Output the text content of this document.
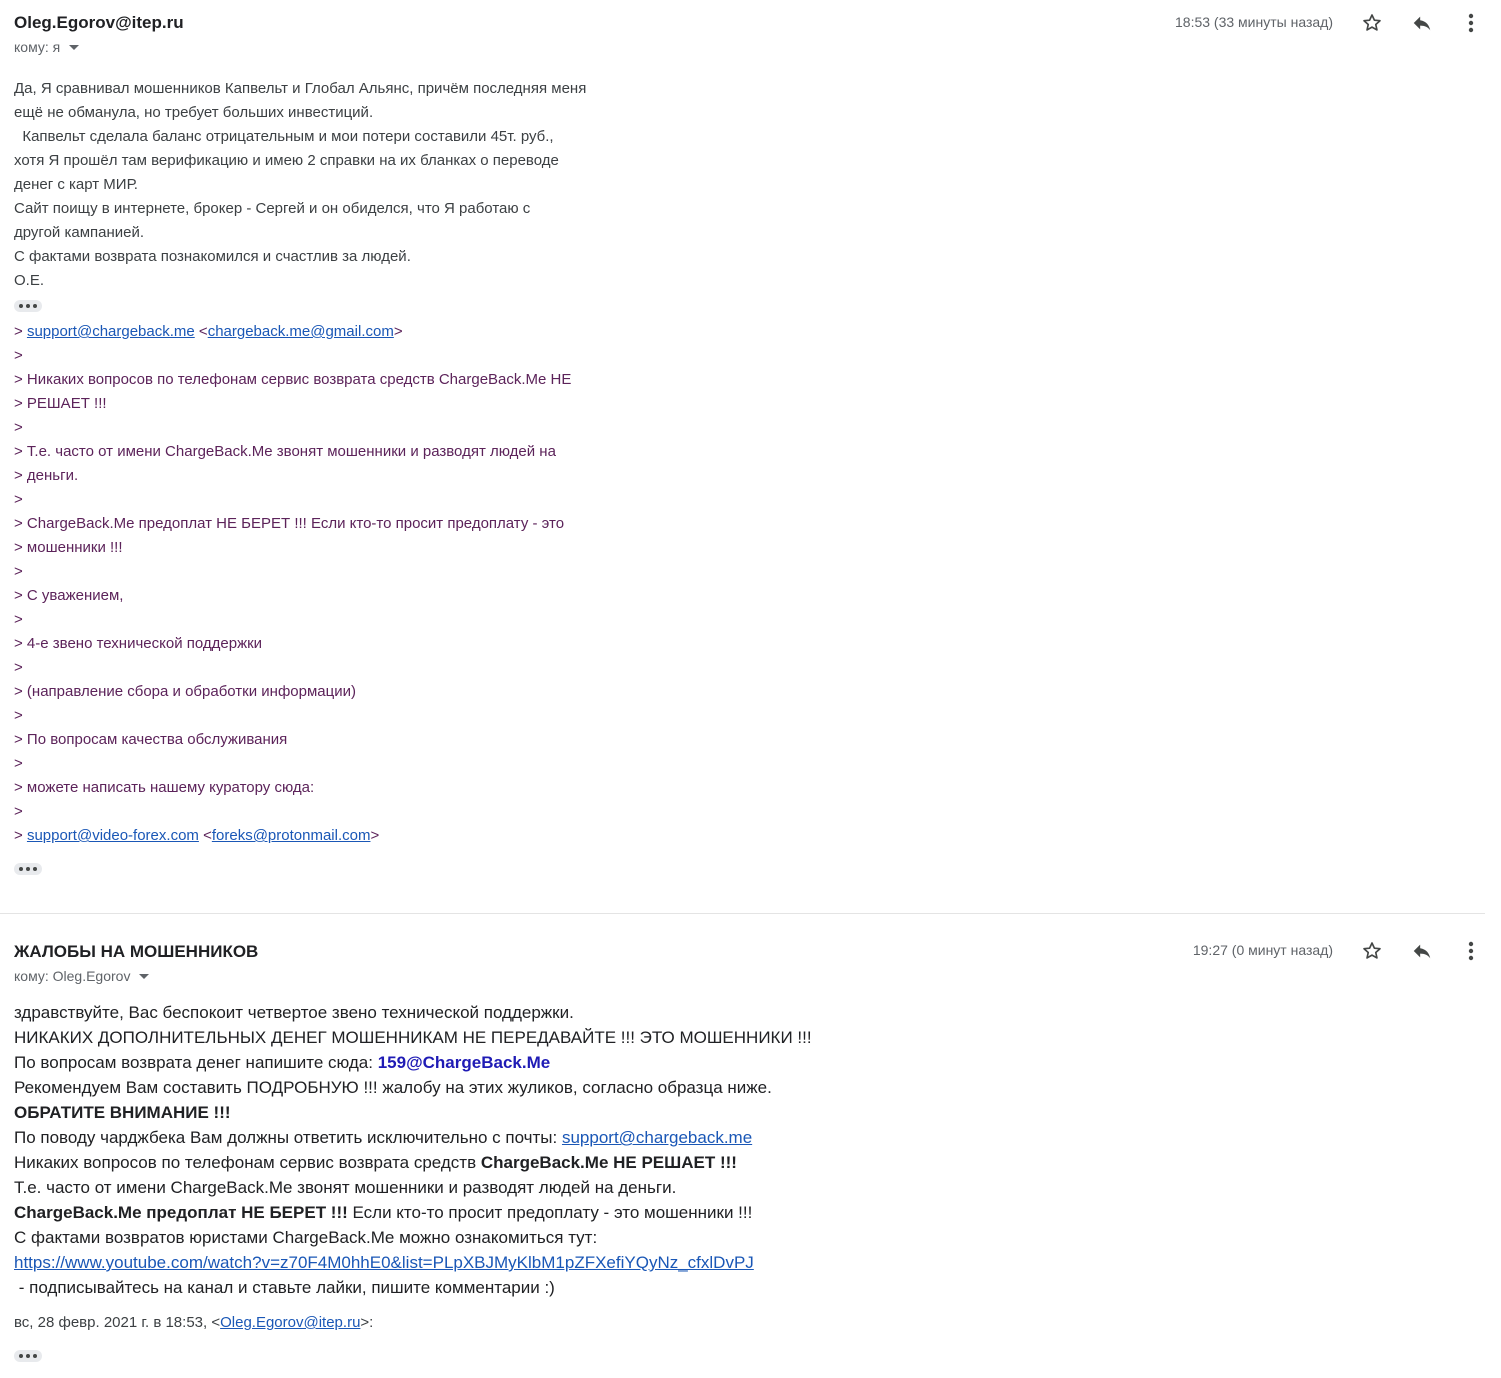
Oleg.Egorov@itep.ru
кому: я
18:53 (33 минуты назад)
Да, Я сравнивал мошенников Капвельт и Глобал Альянс, причём последняя меня
ещё не обманула, но требует больших инвестиций.
Капвельт сделала баланс отрицательным и мои потери составили 45т. руб.,
хотя Я прошёл там верификацию и имею 2 справки на их бланках о переводе
денег с карт МИР.
Сайт поищу в интернете, брокер - Сергей и он обиделся, что Я работаю с
другой кампанией.
С фактами возврата познакомился и счастлив за людей.
О.Е.
> support@chargeback.me <chargeback.me@gmail.com>
>
> Никаких вопросов по телефонам сервис возврата средств ChargeBack.Me НЕ
> РЕШАЕТ !!!
>
> Т.е. часто от имени ChargeBack.Me звонят мошенники и разводят людей на
> деньги.
>
> ChargeBack.Me предоплат НЕ БЕРЕТ !!! Если кто-то просит предоплату - это
> мошенники !!!
>
> С уважением,
>
> 4-е звено технической поддержки
>
> (направление сбора и обработки информации)
>
> По вопросам качества обслуживания
>
> можете написать нашему куратору сюда:
>
> support@video-forex.com <foreks@protonmail.com>
ЖАЛОБЫ НА МОШЕННИКОВ
кому: Oleg.Egorov
19:27 (0 минут назад)
здравствуйте, Вас беспокоит четвертое звено технической поддержки.
НИКАКИХ ДОПОЛНИТЕЛЬНЫХ ДЕНЕГ МОШЕННИКАМ НЕ ПЕРЕДАВАЙТЕ !!! ЭТО МОШЕННИКИ !!!
По вопросам возврата денег напишите сюда: 159@ChargeBack.Me
Рекомендуем Вам составить ПОДРОБНУЮ !!! жалобу на этих жуликов, согласно образца ниже.
ОБРАТИТЕ ВНИМАНИЕ !!!
По поводу чарджбека Вам должны ответить исключительно с почты: support@chargeback.me
Никаких вопросов по телефонам сервис возврата средств ChargeBack.Me НЕ РЕШАЕТ !!!
Т.е. часто от имени ChargeBack.Me звонят мошенники и разводят людей на деньги.
ChargeBack.Me предоплат НЕ БЕРЕТ !!! Если кто-то просит предоплату - это мошенники !!!
С фактами возвратов юристами ChargeBack.Me можно ознакомиться тут:
https://www.youtube.com/watch?v=z70F4M0hhE0&list=PLpXBJMyKlbM1pZFXefiYQyNz_cfxlDvPJ
- подписывайтесь на канал и ставьте лайки, пишите комментарии :)
вс, 28 февр. 2021 г. в 18:53, <Oleg.Egorov@itep.ru>:
